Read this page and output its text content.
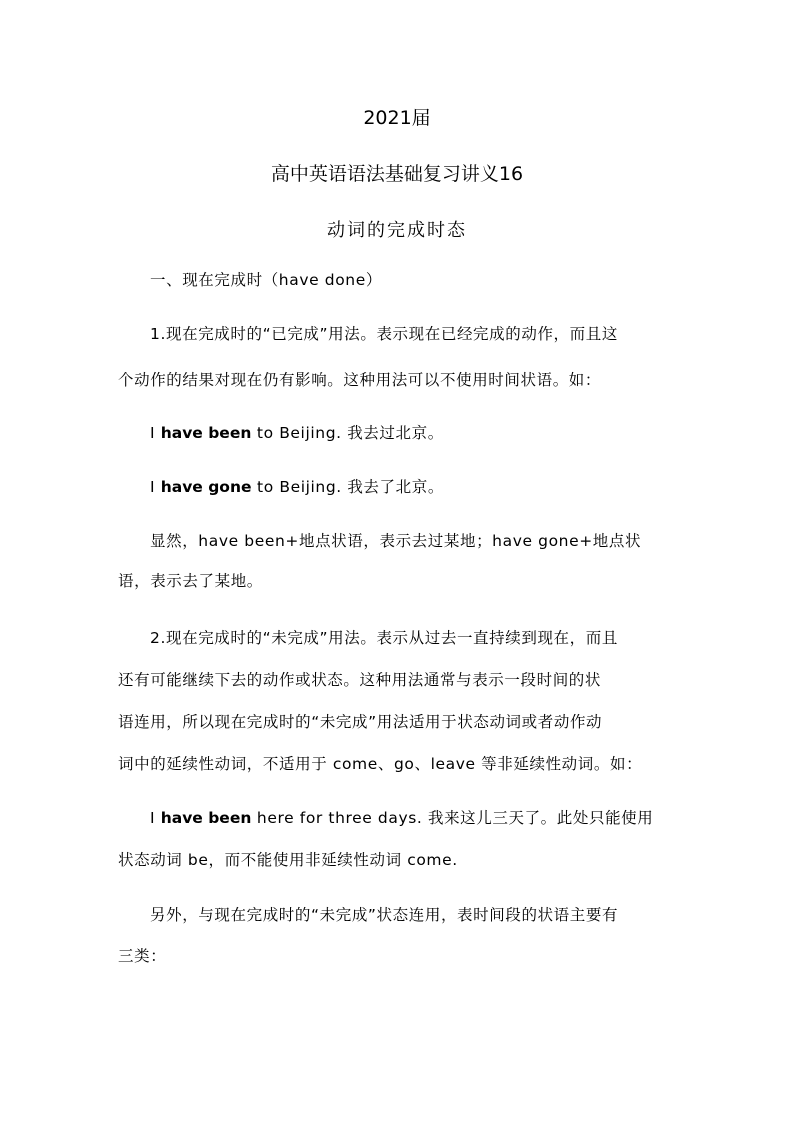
2021届
高中英语语法基础复习讲义16
动词的完成时态
一、现在完成时（have done）
1.现在完成时的“已完成”用法。表示现在已经完成的动作，而且这
个动作的结果对现在仍有影响。这种用法可以不使用时间状语。如：
I have been to Beijing. 我去过北京。
I have gone to Beijing. 我去了北京。
显然，have been+地点状语，表示去过某地；have gone+地点状
语，表示去了某地。
2.现在完成时的“未完成”用法。表示从过去一直持续到现在，而且
还有可能继续下去的动作或状态。这种用法通常与表示一段时间的状
语连用，所以现在完成时的“未完成”用法适用于状态动词或者动作动
词中的延续性动词，不适用于 come、go、leave 等非延续性动词。如：
I have been here for three days. 我来这儿三天了。此处只能使用
状态动词 be，而不能使用非延续性动词 come.
另外，与现在完成时的“未完成”状态连用，表时间段的状语主要有
三类：
